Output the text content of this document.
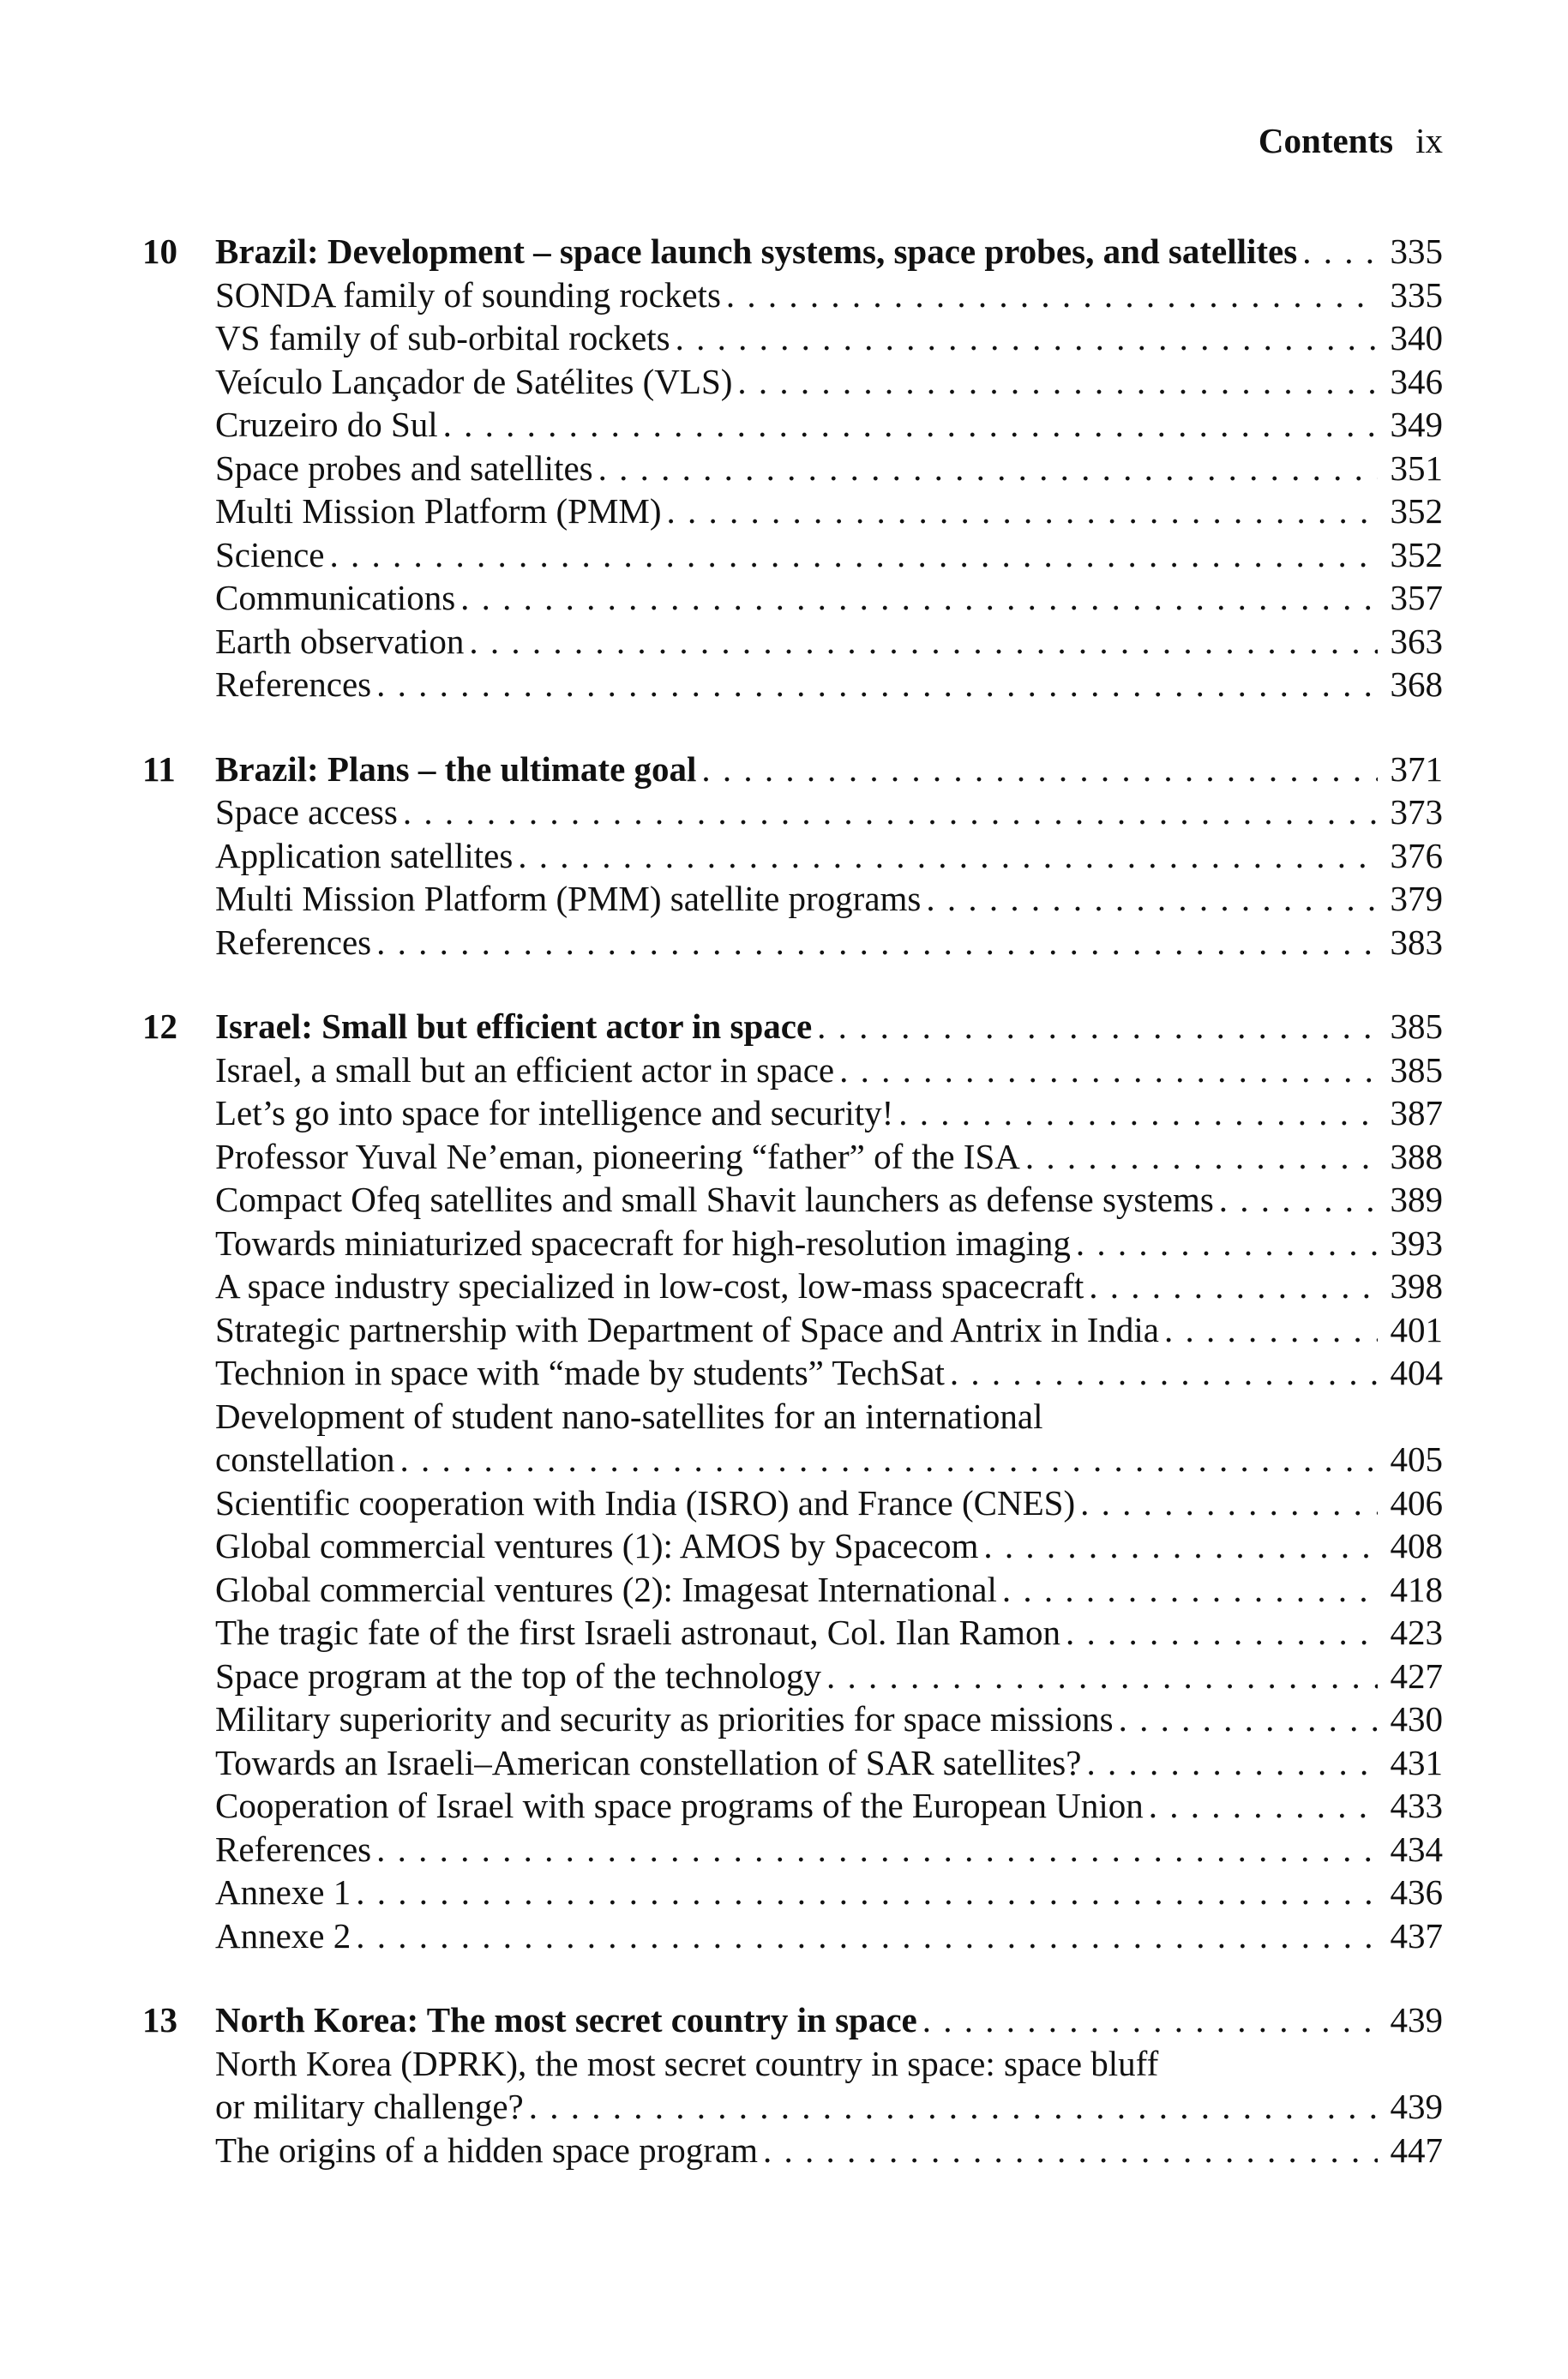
Contents ix
10	Brazil: Development – space launch systems, space probes, and satellites . . .	335
SONDA family of sounding rockets . . .	335
VS family of sub-orbital rockets . . .	340
Veículo Lançador de Satélites (VLS) . . .	346
Cruzeiro do Sul . . .	349
Space probes and satellites . . .	351
Multi Mission Platform (PMM) . . .	352
Science . . .	352
Communications . . .	357
Earth observation . . .	363
References . . .	368
11	Brazil: Plans – the ultimate goal . . .	371
Space access . . .	373
Application satellites . . .	376
Multi Mission Platform (PMM) satellite programs . . .	379
References . . .	383
12	Israel: Small but efficient actor in space . . .	385
Israel, a small but an efficient actor in space . . .	385
Let’s go into space for intelligence and security! . . .	387
Professor Yuval Ne’eman, pioneering “father” of the ISA . . .	388
Compact Ofeq satellites and small Shavit launchers as defense systems . . .	389
Towards miniaturized spacecraft for high-resolution imaging . . .	393
A space industry specialized in low-cost, low-mass spacecraft . . .	398
Strategic partnership with Department of Space and Antrix in India . . .	401
Technion in space with “made by students” TechSat . . .	404
Development of student nano-satellites for an international
constellation . . .	405
Scientific cooperation with India (ISRO) and France (CNES) . . .	406
Global commercial ventures (1): AMOS by Spacecom . . .	408
Global commercial ventures (2): Imagesat International . . .	418
The tragic fate of the first Israeli astronaut, Col. Ilan Ramon . . .	423
Space program at the top of the technology . . .	427
Military superiority and security as priorities for space missions . . .	430
Towards an Israeli–American constellation of SAR satellites? . . .	431
Cooperation of Israel with space programs of the European Union . . .	433
References . . .	434
Annexe 1 . . .	436
Annexe 2 . . .	437
13	North Korea: The most secret country in space . . .	439
North Korea (DPRK), the most secret country in space: space bluff
or military challenge? . . .	439
The origins of a hidden space program . . .	447
